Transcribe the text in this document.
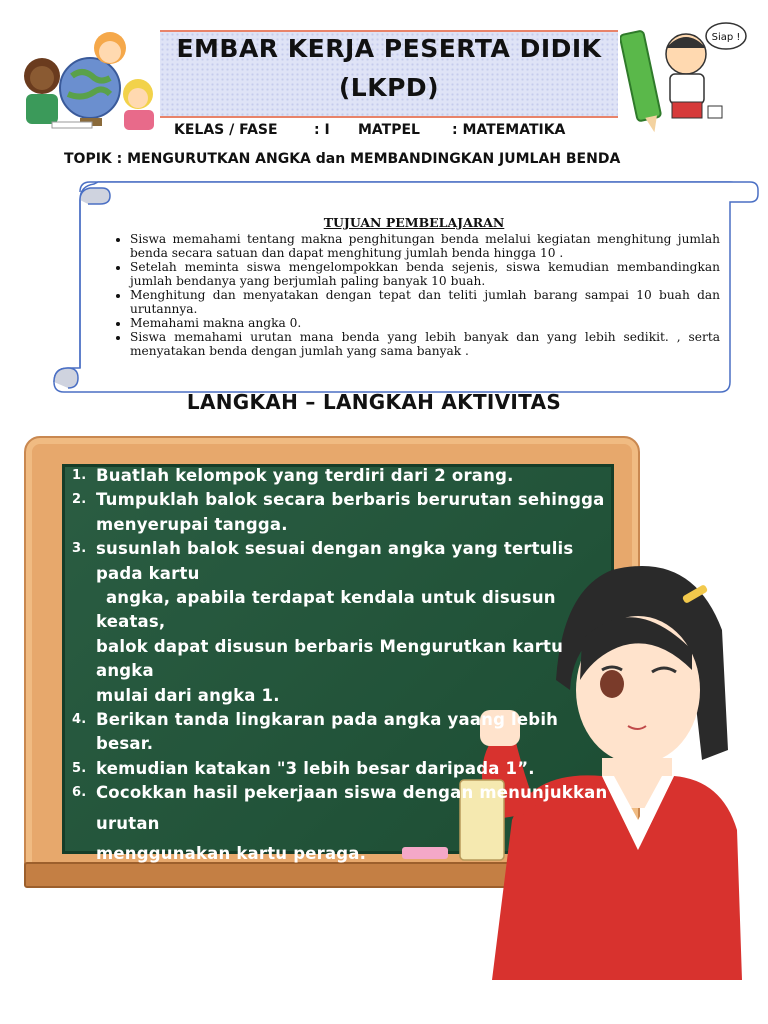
Siap !
EMBAR KERJA PESERTA DIDIK
(LKPD)
KELAS / FASE	: I MATPEL : MATEMATIKA
TOPIK : MENGURUTKAN ANGKA dan MEMBANDINGKAN JUMLAH BENDA
TUJUAN PEMBELAJARAN
• Siswa memahami tentang makna penghitungan benda melalui kegiatan menghitung jumlah benda secara satuan dan dapat menghitung jumlah benda hingga 10 .
• Setelah meminta siswa mengelompokkan benda sejenis, siswa kemudian membandingkan jumlah bendanya yang berjumlah paling banyak 10 buah.
• Menghitung dan menyatakan dengan tepat dan teliti jumlah barang sampai 10 buah dan urutannya.
• Memahami makna angka 0.
• Siswa memahami urutan mana benda yang lebih banyak dan yang lebih sedikit. , serta menyatakan benda dengan jumlah yang sama banyak .
LANGKAH – LANGKAH AKTIVITAS
1. Buatlah kelompok yang terdiri dari 2 orang.
2. Tumpuklah balok secara berbaris berurutan sehingga
menyerupai tangga.
3. susunlah balok sesuai dengan angka yang tertulis
pada kartu
angka, apabila terdapat kendala untuk disusun
keatas,
balok dapat disusun berbaris Mengurutkan kartu
angka
mulai dari angka 1.
4. Berikan tanda lingkaran pada angka yaang lebih
besar.
5. kemudian katakan "3 lebih besar daripada 1”.
6. Cocokkan hasil pekerjaan siswa dengan menunjukkan
urutan
menggunakan kartu peraga.
